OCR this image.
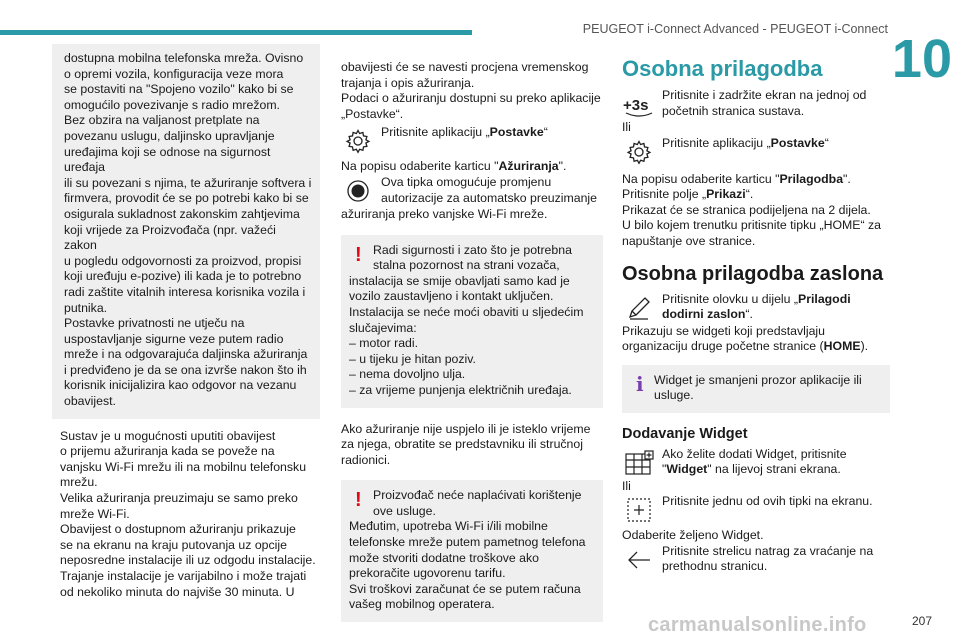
PEUGEOT i-Connect Advanced - PEUGEOT i-Connect 10

dostupna mobilna telefonska mreža. Ovisno

o opremi vozila, konfiguracija veze mora

se postaviti na "Spojeno vozilo" kako bi se

omogućilo povezivanje s radio mrežom.

Bez obzira na valjanost pretplate na

povezanu uslugu, daljinsko upravljanje

uređajima koji se odnose na sigurnost uređaja

ili su povezani s njima, te ažuriranje softvera i

firmvera, provodit će se po potrebi kako bi se

osigurala sukladnost zakonskim zahtjevima

koji vrijede za Proizvođača (npr. važeći zakon

u pogledu odgovornosti za proizvod, propisi

koji uređuju e-pozive) ili kada je to potrebno

radi zaštite vitalnih interesa korisnika vozila i

putnika.

Postavke privatnosti ne utječu na

uspostavljanje sigurne veze putem radio

mreže i na odgovarajuća daljinska ažuriranja

i predviđeno je da se ona izvrše nakon što ih

korisnik inicijalizira kao odgovor na vezanu

obavijest.

Sustav je u mogućnosti uputiti obavijest

o prijemu ažuriranja kada se poveže na

vanjsku Wi-Fi mrežu ili na mobilnu telefonsku

mrežu.

Velika ažuriranja preuzimaju se samo preko

mreže Wi-Fi.

Obavijest o dostupnom ažuriranju prikazuje

se na ekranu na kraju putovanja uz opcije

neposredne instalacije ili uz odgodu instalacije.

Trajanje instalacije je varijabilno i može trajati

od nekoliko minuta do najviše 30 minuta. U

obavijesti će se navesti procjena vremenskog

trajanja i opis ažuriranja.

Podaci o ažuriranju dostupni su preko aplikacije

„Postavke“.

Pritisnite aplikaciju „Postavke“

Na popisu odaberite karticu "Ažuriranja".

Ova tipka omogućuje promjenu

autorizacije za automatsko preuzimanje

ažuriranja preko vanjske Wi-Fi mreže.

! Radi sigurnosti i zato što je potrebna

stalna pozornost na strani vozača,

instalacija se smije obavljati samo kad je

vozilo zaustavljeno i kontakt uključen.

Instalacija se neće moći obaviti u sljedećim

slučajevima:

– motor radi.

– u tijeku je hitan poziv.

– nema dovoljno ulja.

– za vrijeme punjenja električnih uređaja.

Ako ažuriranje nije uspjelo ili je isteklo vrijeme

za njega, obratite se predstavniku ili stručnoj

radionici.

! Proizvođač neće naplaćivati korištenje

ove usluge.

Međutim, upotreba Wi-Fi i/ili mobilne

telefonske mreže putem pametnog telefona

može stvoriti dodatne troškove ako

prekoračite ugovorenu tarifu.

Svi troškovi zaračunat će se putem računa

vašeg mobilnog operatera.

Osobna prilagodba
+3s

Pritisnite i zadržite ekran na jednoj od

početnih stranica sustava.

Ili

Pritisnite aplikaciju „Postavke“

Na popisu odaberite karticu "Prilagodba".

Pritisnite polje „Prikazi“.

Prikazat će se stranica podijeljena na 2 dijela.

U bilo kojem trenutku pritisnite tipku „HOME“ za

napuštanje ove stranice.

Osobna prilagodba zaslona

Pritisnite olovku u dijelu „Prilagodi

dodirni zaslon“.

Prikazuju se widgeti koji predstavljaju

organizaciju druge početne stranice (HOME).

i Widget je smanjeni prozor aplikacije ili

usluge.

Dodavanje Widget

Ako želite dodati Widget, pritisnite

"Widget" na lijevoj strani ekrana.

Ili

Pritisnite jednu od ovih tipki na ekranu.

Odaberite željeno Widget.

Pritisnite strelicu natrag za vraćanje na

prethodnu stranicu.

carmanualsonline.info	207
